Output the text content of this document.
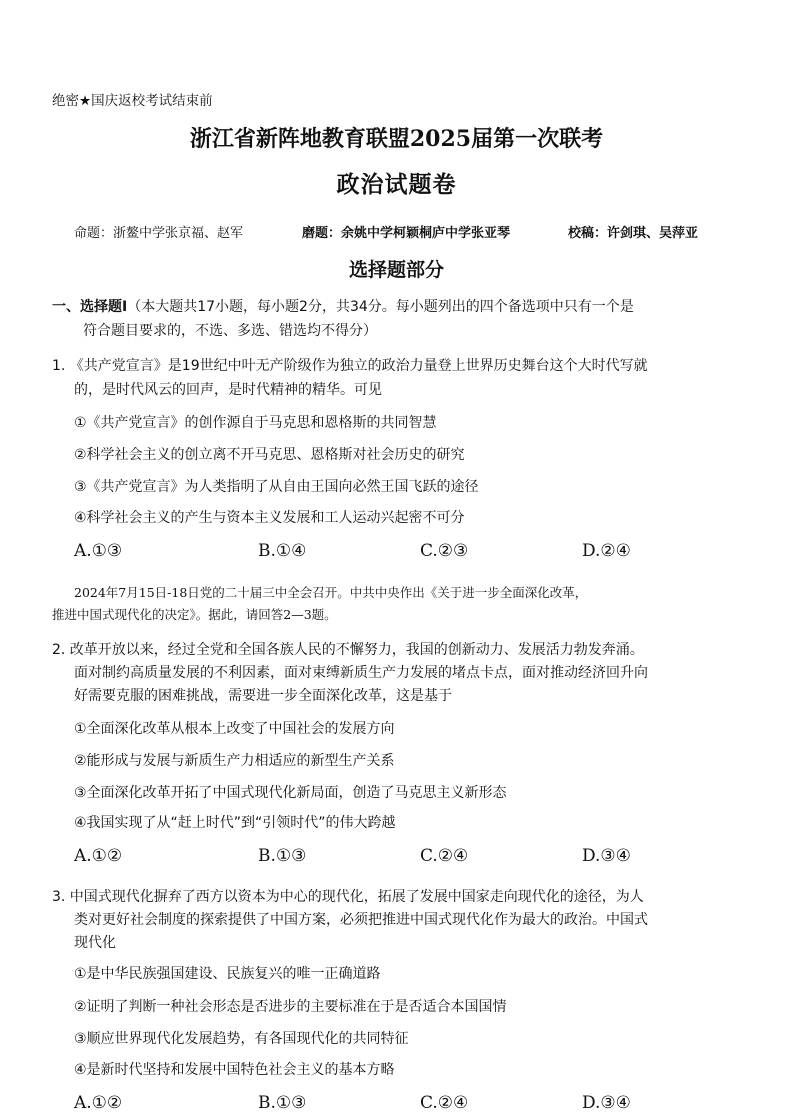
绝密★国庆返校考试结束前
浙江省新阵地教育联盟2025届第一次联考
政治试题卷
命题：浙鳌中学张京福、赵军	磨题：余姚中学柯颖桐庐中学张亚琴	校稿：许剑琪、吴萍亚
选择题部分
一、选择题Ⅰ（本大题共17小题，每小题2分，共34分。每小题列出的四个备选项中只有一个是
符合题目要求的，不选、多选、错选均不得分）
1. 《共产党宣言》是19世纪中叶无产阶级作为独立的政治力量登上世界历史舞台这个大时代写就
的，是时代风云的回声，是时代精神的精华。可见
①《共产党宣言》的创作源自于马克思和恩格斯的共同智慧
②科学社会主义的创立离不开马克思、恩格斯对社会历史的研究
③《共产党宣言》为人类指明了从自由王国向必然王国飞跃的途径
④科学社会主义的产生与资本主义发展和工人运动兴起密不可分
A.①③	B.①④	C.②③	D.②④
2024年7月15日-18日党的二十届三中全会召开。中共中央作出《关于进一步全面深化改革，
推进中国式现代化的决定》。据此，请回答2—3题。
2. 改革开放以来，经过全党和全国各族人民的不懈努力，我国的创新动力、发展活力勃发奔涌。
面对制约高质量发展的不利因素，面对束缚新质生产力发展的堵点卡点，面对推动经济回升向
好需要克服的困难挑战，需要进一步全面深化改革，这是基于
①全面深化改革从根本上改变了中国社会的发展方向
②能形成与发展与新质生产力相适应的新型生产关系
③全面深化改革开拓了中国式现代化新局面，创造了马克思主义新形态
④我国实现了从“赶上时代”到“引领时代”的伟大跨越
A.①②	B.①③	C.②④	D.③④
3. 中国式现代化摒弃了西方以资本为中心的现代化，拓展了发展中国家走向现代化的途径，为人
类对更好社会制度的探索提供了中国方案，必须把推进中国式现代化作为最大的政治。中国式
现代化
①是中华民族强国建设、民族复兴的唯一正确道路
②证明了判断一种社会形态是否进步的主要标准在于是否适合本国国情
③顺应世界现代化发展趋势，有各国现代化的共同特征
④是新时代坚持和发展中国特色社会主义的基本方略
A.①②	B.①③	C.②④	D.③④
